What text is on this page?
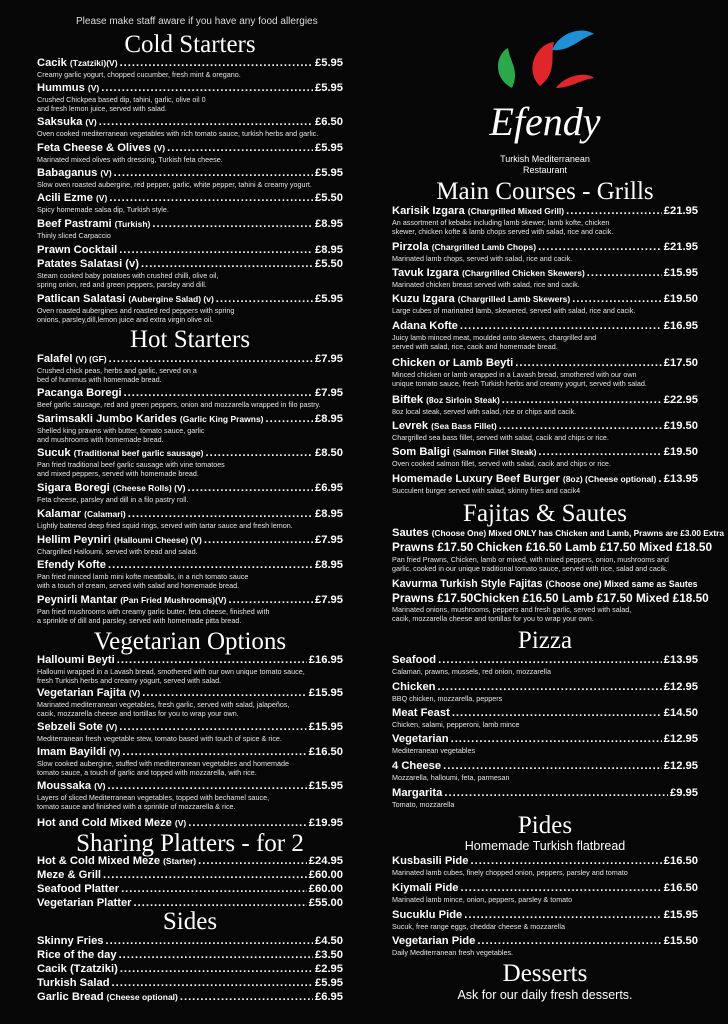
Please make staff aware if you have any food allergies
Efendy
Turkish Mediterranean
Restaurant
Cold Starters
Cacik (Tzatziki)(V) .....	£5.95
Creamy garlic yogurt, chopped cucumber, fresh mint & oregano.
Hummus (V) .....	£5.95
Crushed Chickpea based dip, tahini, garlic, olive oil 0
and fresh lemon juice, served with salad.
Saksuka (V) .....	£6.50
Oven cooked mediterranean vegetables with rich tomato sauce, turkish herbs and garlic.
Feta Cheese & Olives (V) .....	£5.95
Marinated mixed olives with dressing, Turkish feta cheese.
Babaganus (V) .....	£5.95
Slow oven roasted aubergine, red pepper, garlic, white pepper, tahini & creamy yogurt.
Acili Ezme (V) .....	£5.50
Spicy homemade salsa dip, Turkish style.
Beef Pastrami (Turkish) .....	£8.95
Thinly sliced Carpaccio
Prawn Cocktail .....	£8.95
Patates Salatasi (v) .....	£5.50
Steam cooked baby potatoes with crushed chilli, olive oil,
spring onion, red and green peppers, parsley and dill.
Patlican Salatasi (Aubergine Salad) (v) .....	£5.95
Oven roasted aubergines and roasted red peppers with spring
onions, parsley,dill,lemon juice and extra virgin olive oil.
Hot Starters
Falafel (V) (GF) .....	£7.95
Crushed chick peas, herbs and garlic, served on a
bed of hummus with homemade bread.
Pacanga Boregi .....	£7.95
Beef garlic sausage, red and green peppers, onion and mozzarella wrapped in filo pastry.
Sarimsakli Jumbo Karides (Garlic King Prawns) .....	£8.95
Shelled king prawns with butter, tomato sauce, garlic
and mushrooms with homemade bread.
Sucuk (Traditional beef garlic sausage) .....	£8.50
Pan fried traditional beef garlic sausage with vine tomatoes
and mixed peppers, served with homemade bread.
Sigara Boregi (Cheese Rolls) (V) .....	£6.95
Feta cheese, parsley and dill in a filo pastry roll.
Kalamar (Calamari) .....	£8.95
Lightly battered deep fried squid rings, served with tartar sauce and fresh lemon.
Hellim Peyniri (Halloumi Cheese) (V) .....	£7.95
Chargrilled Halloumi, served with bread and salad.
Efendy Kofte .....	£8.95
Pan fried minced lamb mini kofte meatballs, in a rich tomato sauce
with a touch of cream, served with salad and homemade bread.
Peynirli Mantar (Pan Fried Mushrooms)(V) .....	£7.95
Pan fried mushrooms with creamy garlic butter, feta cheese, finished with
a sprinkle of dill and parsley, served with homemade pitta bread.
Vegetarian Options
Halloumi Beyti .....	£16.95
Halloumi wrapped in a Lavash bread, smothered with our own unique tomato sauce,
fresh Turkish herbs and creamy yogurt, served with salad.
Vegetarian Fajita (V) .....	£15.95
Marinated mediterranean vegetables, fresh garlic, served with salad, jalapeños,
cacik, mozzarella cheese and tortillas for you to wrap your own.
Sebzeli Sote (V) .....	£15.95
Mediterranean fresh vegetable stew, tomato based with touch of spice & rice.
Imam Bayildi (V) .....	£16.50
Slow cooked aubergine, stuffed with mediterranean vegetables and homemade
tomato sauce, a touch of garlic and topped with mozzarella, with rice.
Moussaka (V) .....	£15.95
Layers of sliced Mediterranean vegetables, topped with bechamel sauce,
tomato sauce and finished with a sprinkle of mozzarella & rice.
Hot and Cold Mixed Meze (V) .....	£19.95
Sharing Platters - for 2
Hot & Cold Mixed Meze (Starter) .....	£24.95
Meze & Grill .....	£60.00
Seafood Platter .....	£60.00
Vegetarian Platter .....	£55.00
Sides
Skinny Fries .....	£4.50
Rice of the day .....	£3.50
Cacik (Tzatziki) .....	£2.95
Turkish Salad .....	£5.95
Garlic Bread (Cheese optional) .....	£6.95
Main Courses - Grills
Karisik Izgara (Chargrilled Mixed Grill) .....	£21.95
An assortment of kebabs including lamb skewer, lamb kofte, chicken
skewer, chicken kofte & lamb chops served with salad, rice and cacik.
Pirzola (Chargrilled Lamb Chops) .....	£21.95
Marinated lamb chops, served with salad, rice and cacik.
Tavuk Izgara (Chargrilled Chicken Skewers) .....	£15.95
Marinated chicken breast served with salad, rice and cacik.
Kuzu Izgara (Chargrilled Lamb Skewers) .....	£19.50
Large cubes of marinated lamb, skewered, served with salad, rice and cacik.
Adana Kofte .....	£16.95
Juicy lamb minced meat, moulded onto skewers, chargrilled and
served with salad, rice, cacik and homemade bread.
Chicken or Lamb Beyti .....	£17.50
Minced chicken or lamb wrapped in a Lavash bread, smothered with our own
unique tomato sauce, fresh Turkish herbs and creamy yogurt, served with salad.
Biftek (8oz Sirloin Steak) .....	£22.95
8oz local steak, served with salad, rice or chips and cacik.
Levrek (Sea Bass Fillet) .....	£19.50
Chargrilled sea bass fillet, served with salad, cacik and chips or rice.
Som Baligi (Salmon Fillet Steak) .....	£19.50
Oven cooked salmon fillet, served with salad, cacik and chips or rice.
Homemade Luxury Beef Burger (8oz) (Cheese optional) ..... £13.95
Succulent burger served with salad, skinny fries and cacik4
Fajitas & Sautes
Sautes (Choose One) Mixed ONLY has Chicken and Lamb, Prawns are £3.00 Extra
Prawns £17.50 Chicken £16.50 Lamb £17.50 Mixed £18.50
Pan fried Prawns, Chicken, lamb or mixed, with mixed peppers, onion, mushrooms and
garlic, cooked in our unique traditional tomato sauce, served with rice, salad and cacik.
Kavurma Turkish Style Fajitas (Choose one) Mixed same as Sautes
Prawns £17.50Chicken £16.50 Lamb £17.50 Mixed £18.50
Marinated onions, mushrooms, peppers and fresh garlic, served with salad,
cacik, mozzarella cheese and tortillas for you to wrap your own.
Pizza
Seafood .....	£13.95
Calamari, prawns, mussels, red onion, mozzarella
Chicken .....	£12.95
BBQ chicken, mozzarella, peppers
Meat Feast .....	£14.50
Chicken, salami, pepperoni, lamb mince
Vegetarian .....	£12.95
Mediterranean vegetables
4 Cheese .....	£12.95
Mozzarella, halloumi, feta, parmesan
Margarita .....	£9.95
Tomato, mozzarella
Pides
Homemade Turkish flatbread
Kusbasili Pide .....	£16.50
Marinated lamb cubes, finely chopped onion, peppers, parsley and tomato
Kiymali Pide .....	£16.50
Marinated lamb mince, onion, peppers, parsley & tomato
Sucuklu Pide .....	£15.95
Sucuk, free range eggs, cheddar cheese & mozzarella
Vegetarian Pide .....	£15.50
Daily Mediterranean fresh vegetables.
Desserts
Ask for our daily fresh desserts.
